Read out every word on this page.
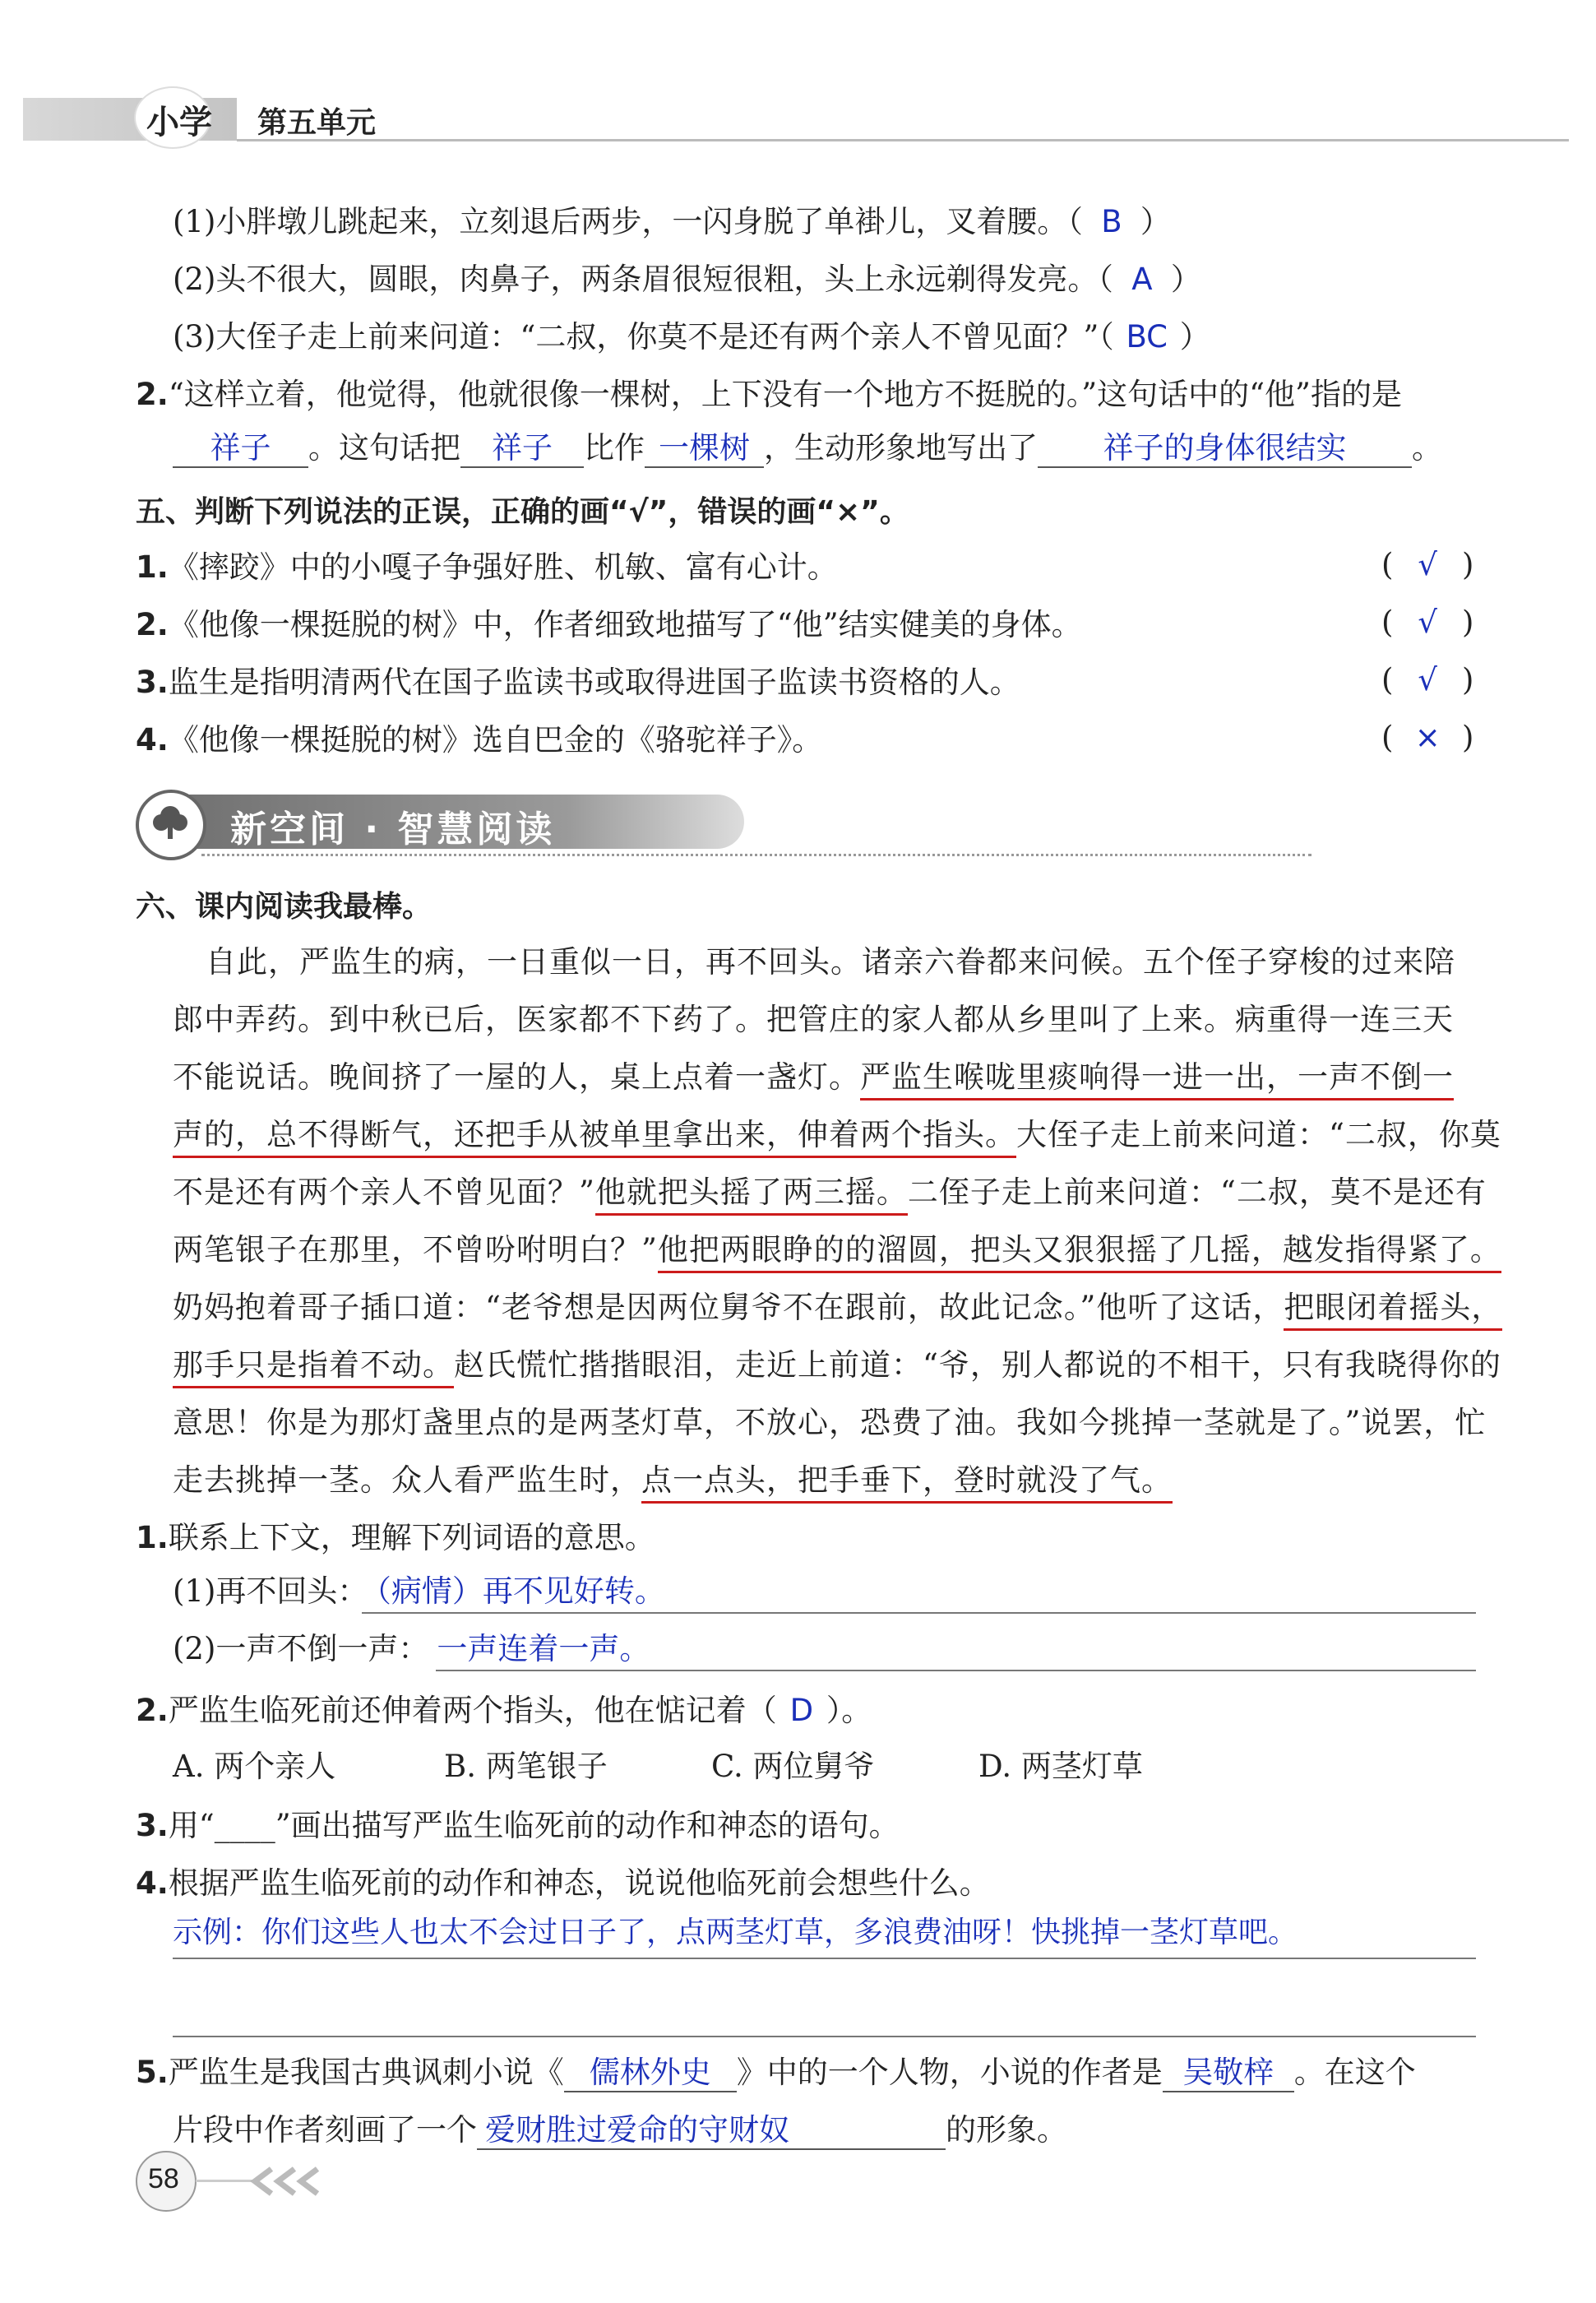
小学 第五单元
(1)小胖墩儿跳起来，立刻退后两步，一闪身脱了单褂儿，叉着腰。（ B ）
(2)头不很大，圆眼，肉鼻子，两条眉很短很粗，头上永远剃得发亮。（ A ）
(3)大侄子走上前来问道：“二叔，你莫不是还有两个亲人不曾见面？”（ BC ）
2.“这样立着，他觉得，他就很像一棵树，上下没有一个地方不挺脱的。”这句话中的“他”指的是
祥子 。这句话把 祥子 比作 一棵树 ，生动形象地写出了 祥子的身体很结实 。
五、判断下列说法的正误，正确的画“√”，错误的画“×”。
1.《摔跤》中的小嘎子争强好胜、机敏、富有心计。	( √ )
2.《他像一棵挺脱的树》中，作者细致地描写了“他”结实健美的身体。	( √ )
3.监生是指明清两代在国子监读书或取得进国子监读书资格的人。	( √ )
4.《他像一棵挺脱的树》选自巴金的《骆驼祥子》。	( × )
新空间 · 智慧阅读
六、课内阅读我最棒。
自此，严监生的病，一日重似一日，再不回头。诸亲六眷都来问候。五个侄子穿梭的过来陪
郎中弄药。到中秋已后，医家都不下药了。把管庄的家人都从乡里叫了上来。病重得一连三天
不能说话。晚间挤了一屋的人，桌上点着一盏灯。严监生喉咙里痰响得一进一出，一声不倒一
声的，总不得断气，还把手从被单里拿出来，伸着两个指头。大侄子走上前来问道：“二叔，你莫
不是还有两个亲人不曾见面？”他就把头摇了两三摇。二侄子走上前来问道：“二叔，莫不是还有
两笔银子在那里，不曾吩咐明白？”他把两眼睁的的溜圆，把头又狠狠摇了几摇，越发指得紧了。
奶妈抱着哥子插口道：“老爷想是因两位舅爷不在跟前，故此记念。”他听了这话，把眼闭着摇头，
那手只是指着不动。赵氏慌忙揩揩眼泪，走近上前道：“爷，别人都说的不相干，只有我晓得你的
意思！你是为那灯盏里点的是两茎灯草，不放心，恐费了油。我如今挑掉一茎就是了。”说罢，忙
走去挑掉一茎。众人看严监生时，点一点头，把手垂下，登时就没了气。
1.联系上下文，理解下列词语的意思。
(1)再不回头： （病情）再不见好转。
(2)一声不倒一声： 一声连着一声。
2.严监生临死前还伸着两个指头，他在惦记着（ D ）。
A. 两个亲人	B. 两笔银子	C. 两位舅爷	D. 两茎灯草
3.用“____”画出描写严监生临死前的动作和神态的语句。
4.根据严监生临死前的动作和神态，说说他临死前会想些什么。
示例：你们这些人也太不会过日子了，点两茎灯草，多浪费油呀！快挑掉一茎灯草吧。
5.严监生是我国古典讽刺小说《 儒林外史 》中的一个人物，小说的作者是 吴敬梓 。在这个
片段中作者刻画了一个 爱财胜过爱命的守财奴	的形象。
58
